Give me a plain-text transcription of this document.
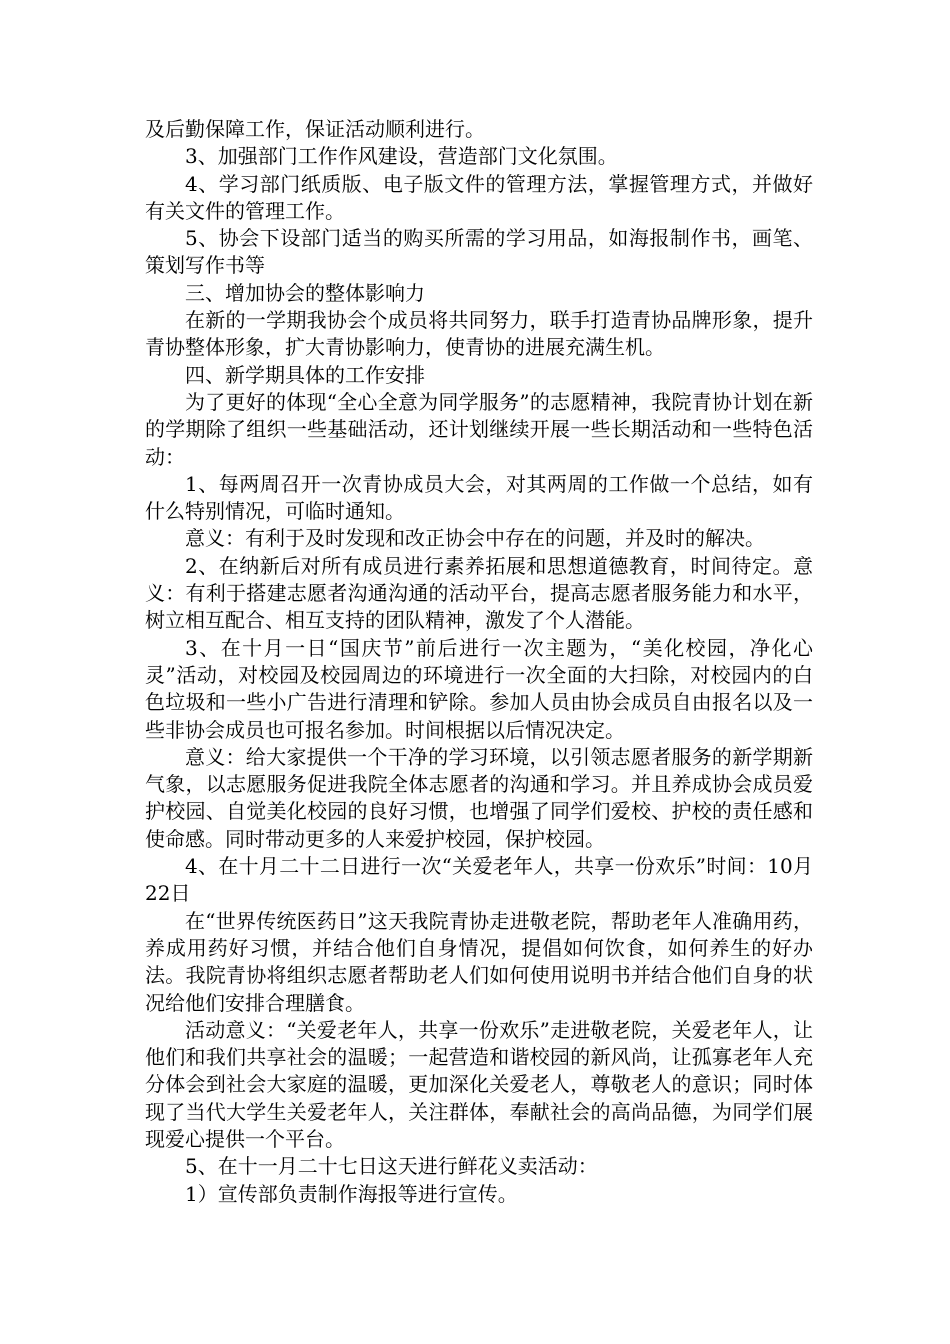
及后勤保障工作，保证活动顺利进行。

3、加强部门工作作风建设，营造部门文化氛围。

4、学习部门纸质版、电子版文件的管理方法，掌握管理方式，并做好有关文件的管理工作。

5、协会下设部门适当的购买所需的学习用品，如海报制作书，画笔、策划写作书等

三、增加协会的整体影响力

在新的一学期我协会个成员将共同努力，联手打造青协品牌形象，提升青协整体形象，扩大青协影响力，使青协的进展充满生机。

四、新学期具体的工作安排

为了更好的体现“全心全意为同学服务”的志愿精神，我院青协计划在新的学期除了组织一些基础活动，还计划继续开展一些长期活动和一些特色活动：

1、每两周召开一次青协成员大会，对其两周的工作做一个总结，如有什么特别情况，可临时通知。

意义：有利于及时发现和改正协会中存在的问题，并及时的解决。

2、在纳新后对所有成员进行素养拓展和思想道德教育，时间待定。意义：有利于搭建志愿者沟通沟通的活动平台，提高志愿者服务能力和水平，树立相互配合、相互支持的团队精神，激发了个人潜能。

3、在十月一日“国庆节”前后进行一次主题为，“美化校园，净化心灵”活动，对校园及校园周边的环境进行一次全面的大扫除，对校园内的白色垃圾和一些小广告进行清理和铲除。参加人员由协会成员自由报名以及一些非协会成员也可报名参加。时间根据以后情况决定。

意义：给大家提供一个干净的学习环境，以引领志愿者服务的新学期新气象，以志愿服务促进我院全体志愿者的沟通和学习。并且养成协会成员爱护校园、自觉美化校园的良好习惯，也增强了同学们爱校、护校的责任感和使命感。同时带动更多的人来爱护校园，保护校园。

4、在十月二十二日进行一次“关爱老年人，共享一份欢乐”时间：10月22日

在“世界传统医药日”这天我院青协走进敬老院，帮助老年人准确用药，养成用药好习惯，并结合他们自身情况，提倡如何饮食，如何养生的好办法。我院青协将组织志愿者帮助老人们如何使用说明书并结合他们自身的状况给他们安排合理膳食。

活动意义：“关爱老年人，共享一份欢乐”走进敬老院，关爱老年人，让他们和我们共享社会的温暖；一起营造和谐校园的新风尚，让孤寡老年人充分体会到社会大家庭的温暖，更加深化关爱老人，尊敬老人的意识；同时体现了当代大学生关爱老年人，关注群体，奉献社会的高尚品德，为同学们展现爱心提供一个平台。

5、在十一月二十七日这天进行鲜花义卖活动：

1）宣传部负责制作海报等进行宣传。
